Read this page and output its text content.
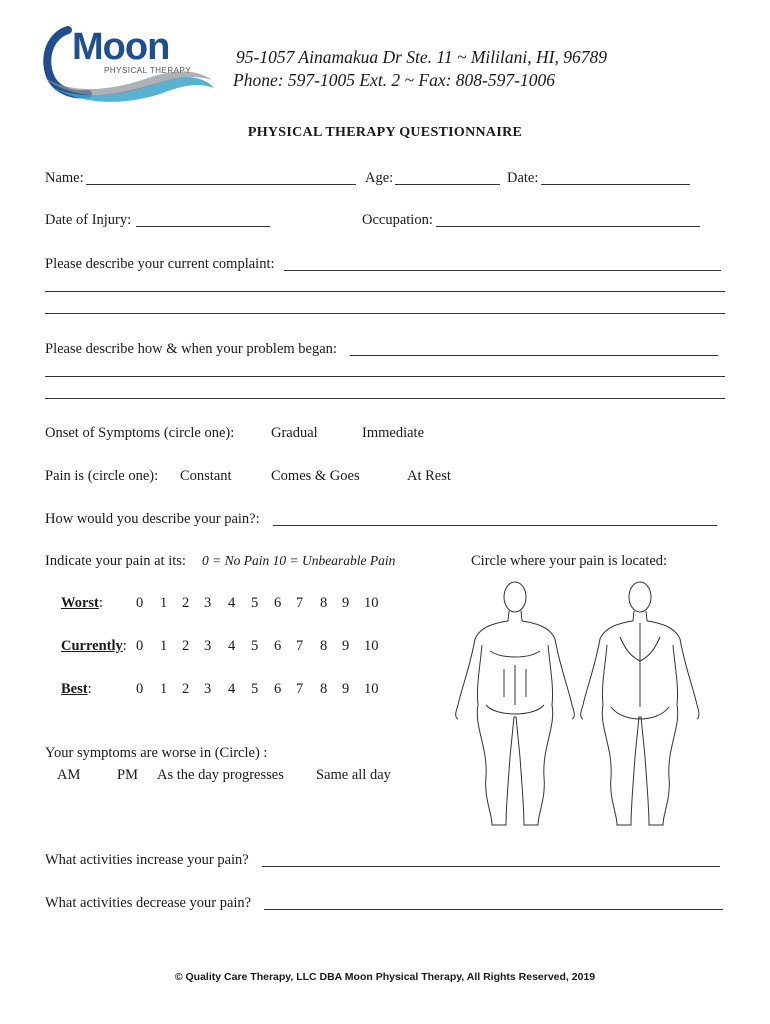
Moon
PHYSICAL THERAPY
95-1057 Ainamakua Dr Ste. 11 ~ Mililani, HI, 96789
Phone: 597-1005 Ext. 2 ~ Fax: 808-597-1006
PHYSICAL THERAPY QUESTIONNAIRE
Name:	Age:	Date:
Date of Injury:	Occupation:
Please describe your current complaint:
Please describe how & when your problem began:
Onset of Symptoms (circle one):	Gradual	Immediate
Pain is (circle one): Constant	Comes & Goes	At Rest
How would you describe your pain?:
Indicate your pain at its: 0 = No Pain 10 = Unbearable Pain	Circle where your pain is located:
Worst: 0 1 2 3 4 5 6 7 8 9 10
Currently: 0 1 2 3 4 5 6 7 8 9 10
Best:	0 1 2 3 4 5 6 7 8 9 10
Your symptoms are worse in (Circle) :
AM	PM As the day progresses Same all day
What activities increase your pain?
What activities decrease your pain?
© Quality Care Therapy, LLC DBA Moon Physical Therapy, All Rights Reserved, 2019
